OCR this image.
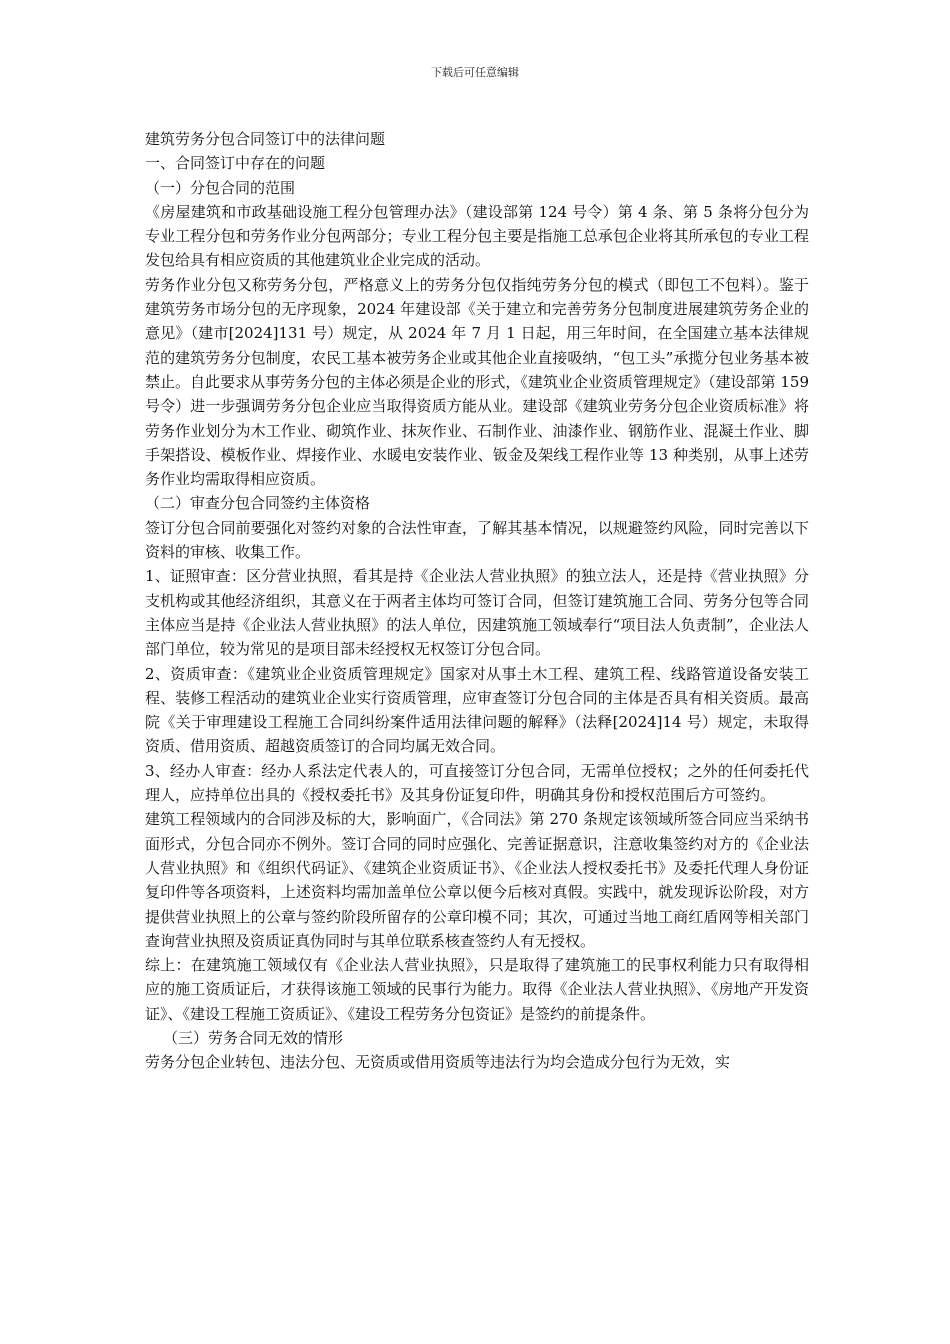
下载后可任意编辑

建筑劳务分包合同签订中的法律问题

一、合同签订中存在的问题

（一）分包合同的范围

《房屋建筑和市政基础设施工程分包管理办法》（建设部第 124 号令）第 4 条、第 5 条将分包分为专业工程分包和劳务作业分包两部分；专业工程分包主要是指施工总承包企业将其所承包的专业工程发包给具有相应资质的其他建筑业企业完成的活动。

劳务作业分包又称劳务分包，严格意义上的劳务分包仅指纯劳务分包的模式（即包工不包料）。鉴于建筑劳务市场分包的无序现象，2024 年建设部《关于建立和完善劳务分包制度进展建筑劳务企业的意见》（建市[2024]131 号）规定，从 2024 年 7 月 1 日起，用三年时间，在全国建立基本法律规范的建筑劳务分包制度，农民工基本被劳务企业或其他企业直接吸纳，“包工头”承揽分包业务基本被禁止。自此要求从事劳务分包的主体必须是企业的形式，《建筑业企业资质管理规定》（建设部第 159 号令）进一步强调劳务分包企业应当取得资质方能从业。建设部《建筑业劳务分包企业资质标准》将劳务作业划分为木工作业、砌筑作业、抹灰作业、石制作业、油漆作业、钢筋作业、混凝土作业、脚手架搭设、模板作业、焊接作业、水暖电安装作业、钣金及架线工程作业等 13 种类别，从事上述劳务作业均需取得相应资质。

（二）审查分包合同签约主体资格

签订分包合同前要强化对签约对象的合法性审查，了解其基本情况，以规避签约风险，同时完善以下资料的审核、收集工作。

1、证照审查：区分营业执照，看其是持《企业法人营业执照》的独立法人，还是持《营业执照》分支机构或其他经济组织，其意义在于两者主体均可签订合同，但签订建筑施工合同、劳务分包等合同主体应当是持《企业法人营业执照》的法人单位，因建筑施工领域奉行“项目法人负责制”，企业法人部门单位，较为常见的是项目部未经授权无权签订分包合同。

2、资质审查：《建筑业企业资质管理规定》国家对从事土木工程、建筑工程、线路管道设备安装工程、装修工程活动的建筑业企业实行资质管理，应审查签订分包合同的主体是否具有相关资质。最高院《关于审理建设工程施工合同纠纷案件适用法律问题的解释》（法释[2024]14 号）规定，未取得资质、借用资质、超越资质签订的合同均属无效合同。

3、经办人审查：经办人系法定代表人的，可直接签订分包合同，无需单位授权；之外的任何委托代理人，应持单位出具的《授权委托书》及其身份证复印件，明确其身份和授权范围后方可签约。

建筑工程领域内的合同涉及标的大，影响面广，《合同法》第 270 条规定该领域所签合同应当采纳书面形式，分包合同亦不例外。签订合同的同时应强化、完善证据意识，注意收集签约对方的《企业法人营业执照》和《组织代码证》、《建筑企业资质证书》、《企业法人授权委托书》及委托代理人身份证复印件等各项资料，上述资料均需加盖单位公章以便今后核对真假。实践中，就发现诉讼阶段，对方提供营业执照上的公章与签约阶段所留存的公章印模不同；其次，可通过当地工商红盾网等相关部门查询营业执照及资质证真伪同时与其单位联系核查签约人有无授权。

综上：在建筑施工领域仅有《企业法人营业执照》，只是取得了建筑施工的民事权利能力只有取得相应的施工资质证后，才获得该施工领域的民事行为能力。取得《企业法人营业执照》、《房地产开发资证》、《建设工程施工资质证》、《建设工程劳务分包资证》是签约的前提条件。

（三）劳务合同无效的情形

劳务分包企业转包、违法分包、无资质或借用资质等违法行为均会造成分包行为无效，实
